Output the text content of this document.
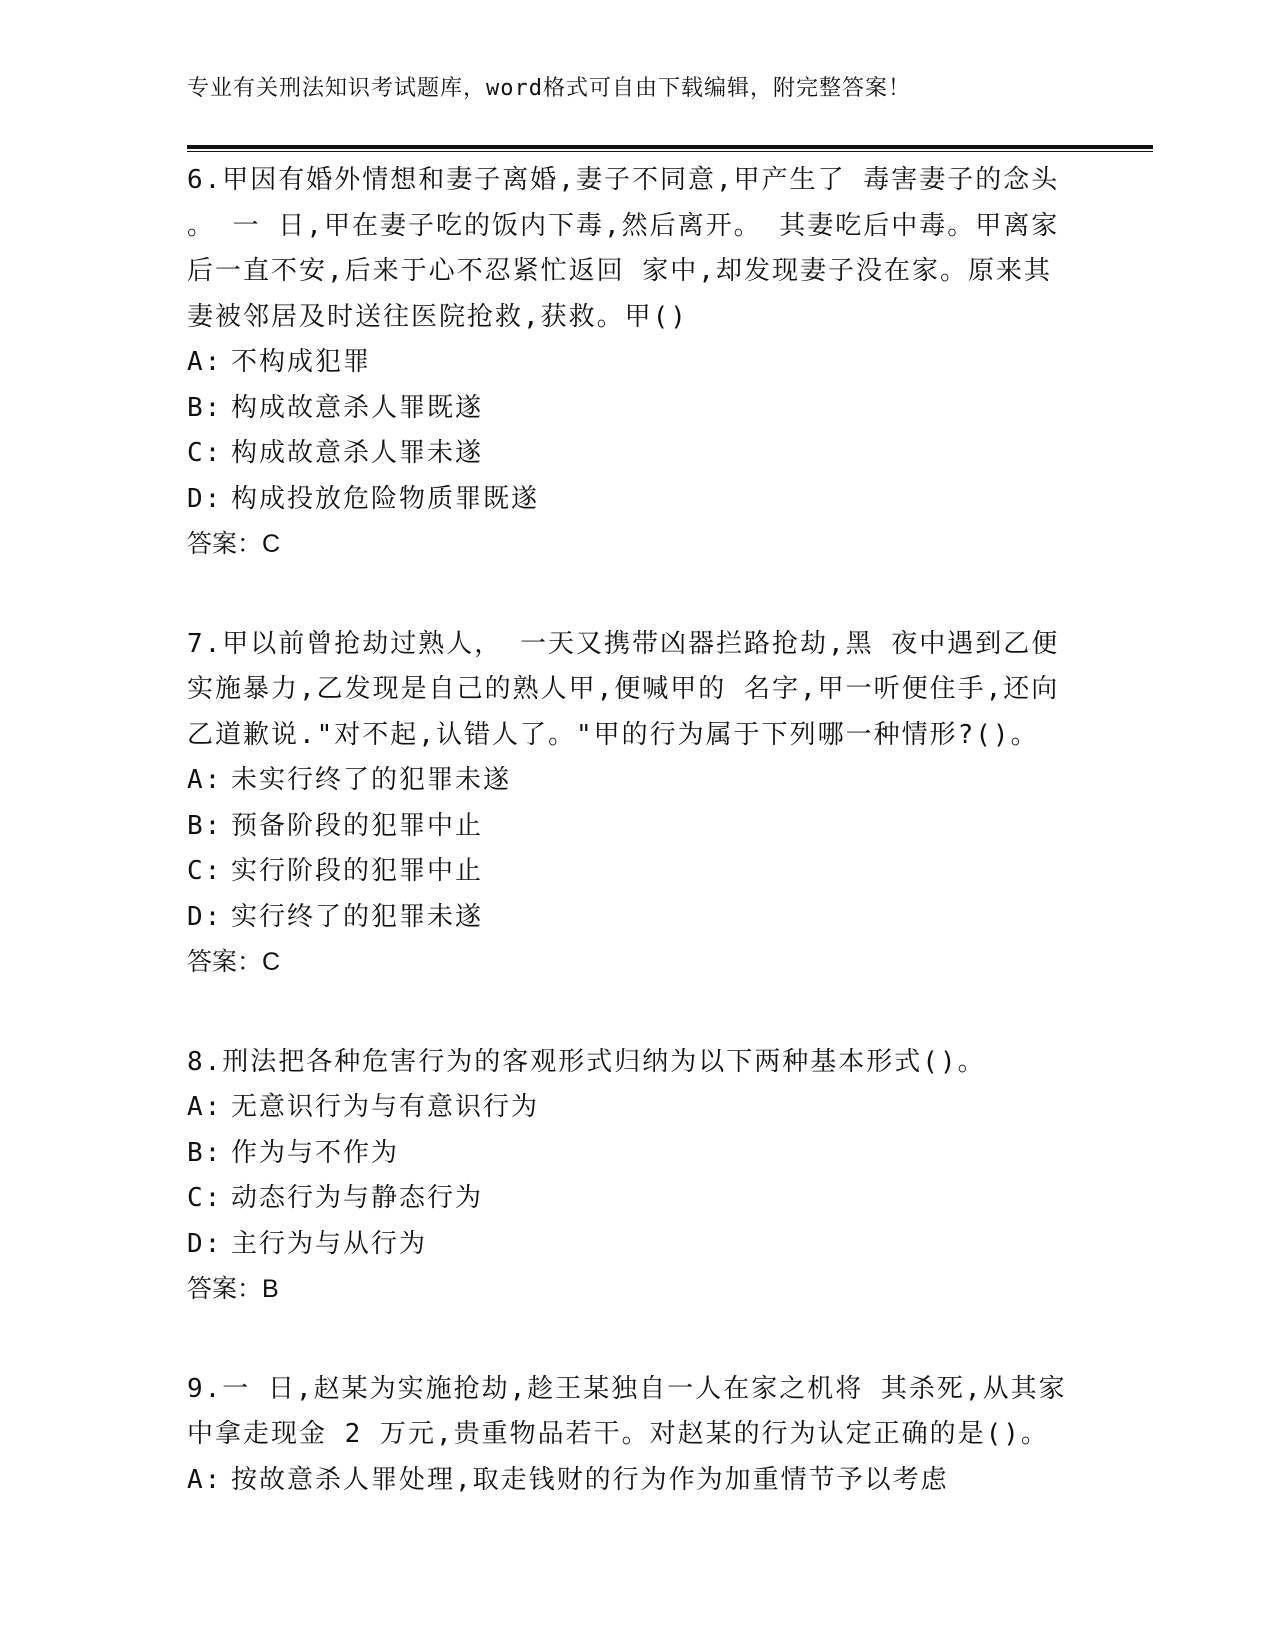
专业有关刑法知识考试题库，word格式可自由下载编辑，附完整答案！

6.甲因有婚外情想和妻子离婚,妻子不同意,甲产生了 毒害妻子的念头

。 一 日,甲在妻子吃的饭内下毒,然后离开。 其妻吃后中毒。甲离家

后一直不安,后来于心不忍紧忙返回 家中,却发现妻子没在家。原来其

妻被邻居及时送往医院抢救,获救。甲()

A: 不构成犯罪

B: 构成故意杀人罪既遂

C: 构成故意杀人罪未遂

D: 构成投放危险物质罪既遂

答案：C

7.甲以前曾抢劫过熟人， 一天又携带凶器拦路抢劫,黑 夜中遇到乙便

实施暴力,乙发现是自己的熟人甲,便喊甲的 名字,甲一听便住手,还向

乙道歉说."对不起,认错人了。"甲的行为属于下列哪一种情形?()。

A: 未实行终了的犯罪未遂

B: 预备阶段的犯罪中止

C: 实行阶段的犯罪中止

D: 实行终了的犯罪未遂

答案：C

8.刑法把各种危害行为的客观形式归纳为以下两种基本形式()。

A: 无意识行为与有意识行为

B: 作为与不作为

C: 动态行为与静态行为

D: 主行为与从行为

答案：B

9.一 日,赵某为实施抢劫,趁王某独自一人在家之机将 其杀死,从其家

中拿走现金 2 万元,贵重物品若干。对赵某的行为认定正确的是()。

A: 按故意杀人罪处理,取走钱财的行为作为加重情节予以考虑
